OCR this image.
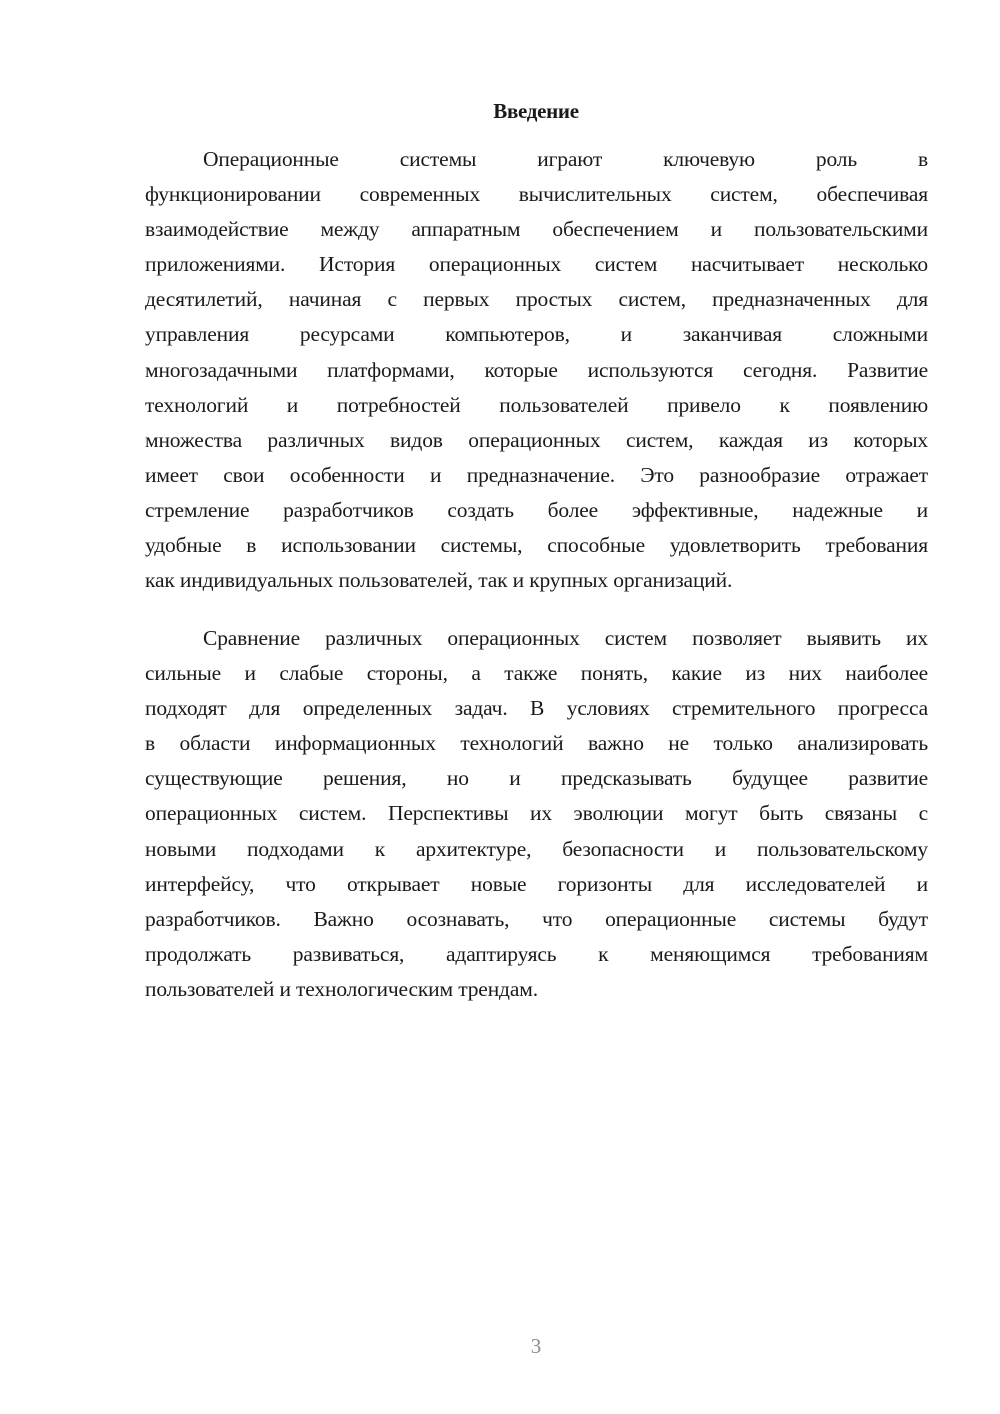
Введение
Операционные системы играют ключевую роль в
функционировании современных вычислительных систем, обеспечивая
взаимодействие между аппаратным обеспечением и пользовательскими
приложениями. История операционных систем насчитывает несколько
десятилетий, начиная с первых простых систем, предназначенных для
управления ресурсами компьютеров, и заканчивая сложными
многозадачными платформами, которые используются сегодня. Развитие
технологий и потребностей пользователей привело к появлению
множества различных видов операционных систем, каждая из которых
имеет свои особенности и предназначение. Это разнообразие отражает
стремление разработчиков создать более эффективные, надежные и
удобные в использовании системы, способные удовлетворить требования
как индивидуальных пользователей, так и крупных организаций.
Сравнение различных операционных систем позволяет выявить их
сильные и слабые стороны, а также понять, какие из них наиболее
подходят для определенных задач. В условиях стремительного прогресса
в области информационных технологий важно не только анализировать
существующие решения, но и предсказывать будущее развитие
операционных систем. Перспективы их эволюции могут быть связаны с
новыми подходами к архитектуре, безопасности и пользовательскому
интерфейсу, что открывает новые горизонты для исследователей и
разработчиков. Важно осознавать, что операционные системы будут
продолжать развиваться, адаптируясь к меняющимся требованиям
пользователей и технологическим трендам.
3
